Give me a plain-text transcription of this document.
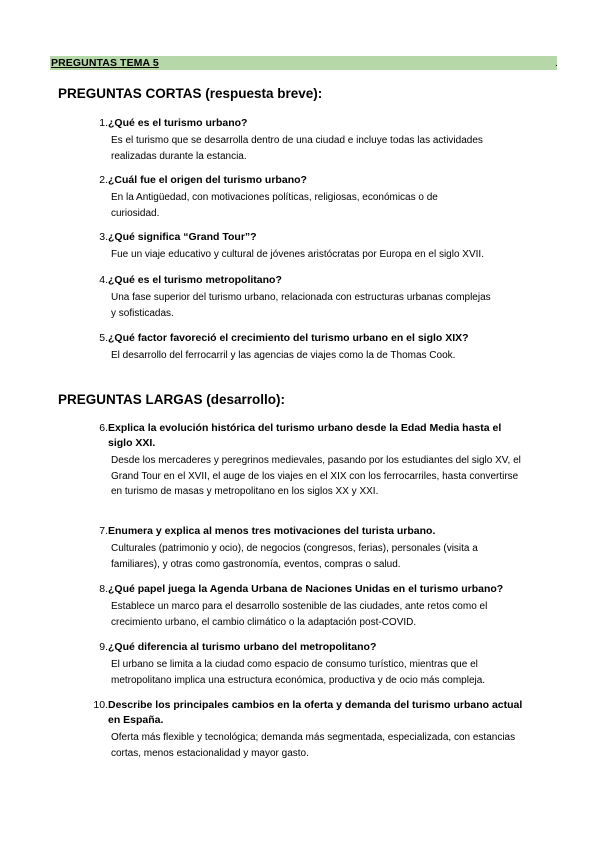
PREGUNTAS TEMA 5	.
PREGUNTAS CORTAS (respuesta breve):
1. ¿Qué es el turismo urbano?

Es el turismo que se desarrolla dentro de una ciudad e incluye todas las actividades realizadas durante la estancia.

2. ¿Cuál fue el origen del turismo urbano?

En la Antigüedad, con motivaciones políticas, religiosas, económicas o de curiosidad.

3. ¿Qué significa “Grand Tour”?

Fue un viaje educativo y cultural de jóvenes aristócratas por Europa en el siglo XVII.

4. ¿Qué es el turismo metropolitano?

Una fase superior del turismo urbano, relacionada con estructuras urbanas complejas y sofisticadas.

5. ¿Qué factor favoreció el crecimiento del turismo urbano en el siglo XIX?

El desarrollo del ferrocarril y las agencias de viajes como la de Thomas Cook.

PREGUNTAS LARGAS (desarrollo):
6. Explica la evolución histórica del turismo urbano desde la Edad Media hasta el siglo XXI.

Desde los mercaderes y peregrinos medievales, pasando por los estudiantes del siglo XV, el Grand Tour en el XVII, el auge de los viajes en el XIX con los ferrocarriles, hasta convertirse en turismo de masas y metropolitano en los siglos XX y XXI.

7. Enumera y explica al menos tres motivaciones del turista urbano.

Culturales (patrimonio y ocio), de negocios (congresos, ferias), personales (visita a familiares), y otras como gastronomía, eventos, compras o salud.

8. ¿Qué papel juega la Agenda Urbana de Naciones Unidas en el turismo urbano?

Establece un marco para el desarrollo sostenible de las ciudades, ante retos como el crecimiento urbano, el cambio climático o la adaptación post-COVID.

9. ¿Qué diferencia al turismo urbano del metropolitano?

El urbano se limita a la ciudad como espacio de consumo turístico, mientras que el metropolitano implica una estructura económica, productiva y de ocio más compleja.

10. Describe los principales cambios en la oferta y demanda del turismo urbano actual en España.

Oferta más flexible y tecnológica; demanda más segmentada, especializada, con estancias cortas, menos estacionalidad y mayor gasto.
